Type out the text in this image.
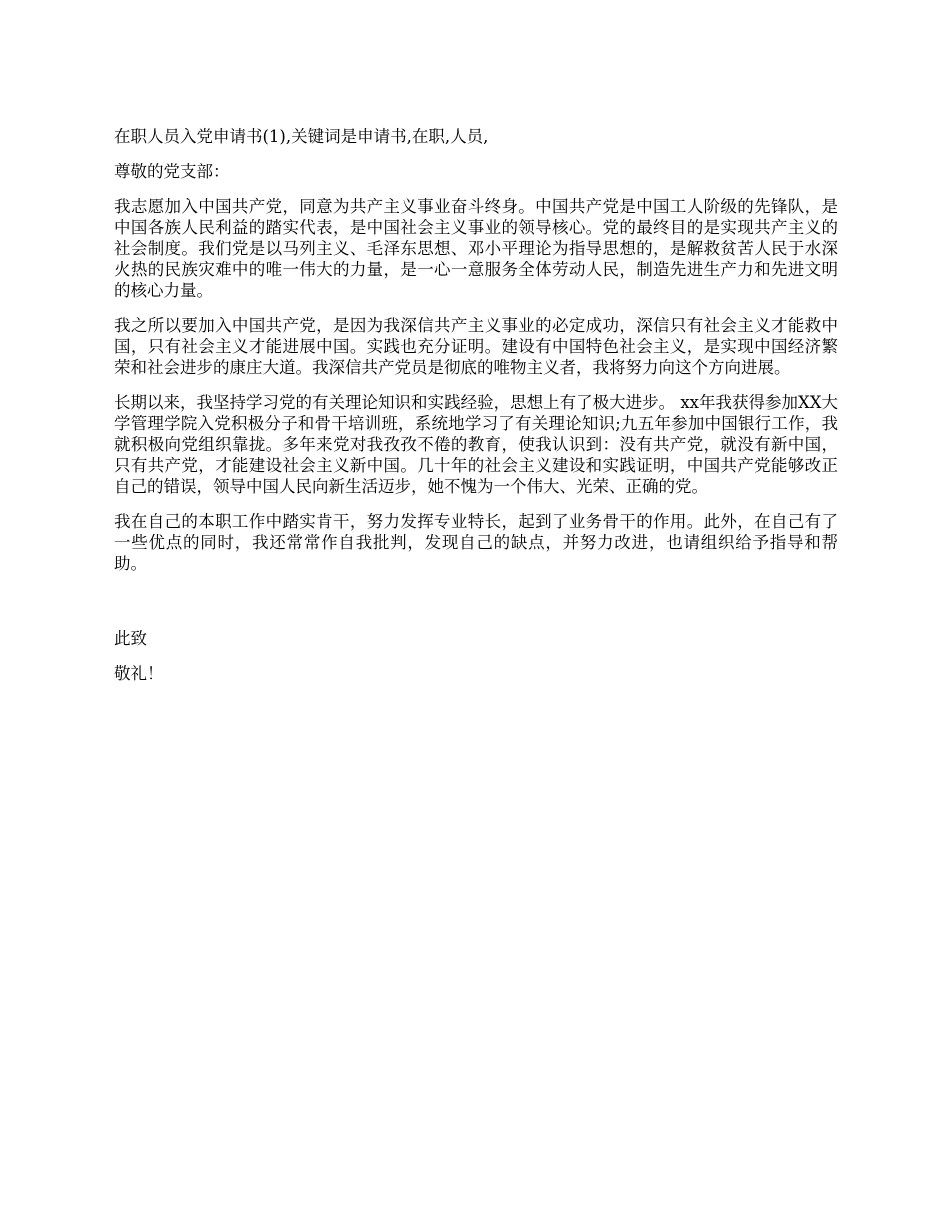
在职人员入党申请书(1),关键词是申请书,在职,人员,

尊敬的党支部：

我志愿加入中国共产党，同意为共产主义事业奋斗终身。中国共产党是中国工人阶级的先锋队，是中国各族人民利益的踏实代表，是中国社会主义事业的领导核心。党的最终目的是实现共产主义的社会制度。我们党是以马列主义、毛泽东思想、邓小平理论为指导思想的，是解救贫苦人民于水深火热的民族灾难中的唯一伟大的力量，是一心一意服务全体劳动人民，制造先进生产力和先进文明的核心力量。

我之所以要加入中国共产党，是因为我深信共产主义事业的必定成功，深信只有社会主义才能救中国，只有社会主义才能进展中国。实践也充分证明。建设有中国特色社会主义，是实现中国经济繁荣和社会进步的康庄大道。我深信共产党员是彻底的唯物主义者，我将努力向这个方向进展。

长期以来，我坚持学习党的有关理论知识和实践经验，思想上有了极大进步。 xx年我获得参加XX大学管理学院入党积极分子和骨干培训班，系统地学习了有关理论知识;九五年参加中国银行工作，我就积极向党组织靠拢。多年来党对我孜孜不倦的教育，使我认识到：没有共产党，就没有新中国，只有共产党，才能建设社会主义新中国。几十年的社会主义建设和实践证明，中国共产党能够改正自己的错误，领导中国人民向新生活迈步，她不愧为一个伟大、光荣、正确的党。

我在自己的本职工作中踏实肯干，努力发挥专业特长，起到了业务骨干的作用。此外，在自己有了一些优点的同时，我还常常作自我批判，发现自己的缺点，并努力改进，也请组织给予指导和帮助。

此致

敬礼！
